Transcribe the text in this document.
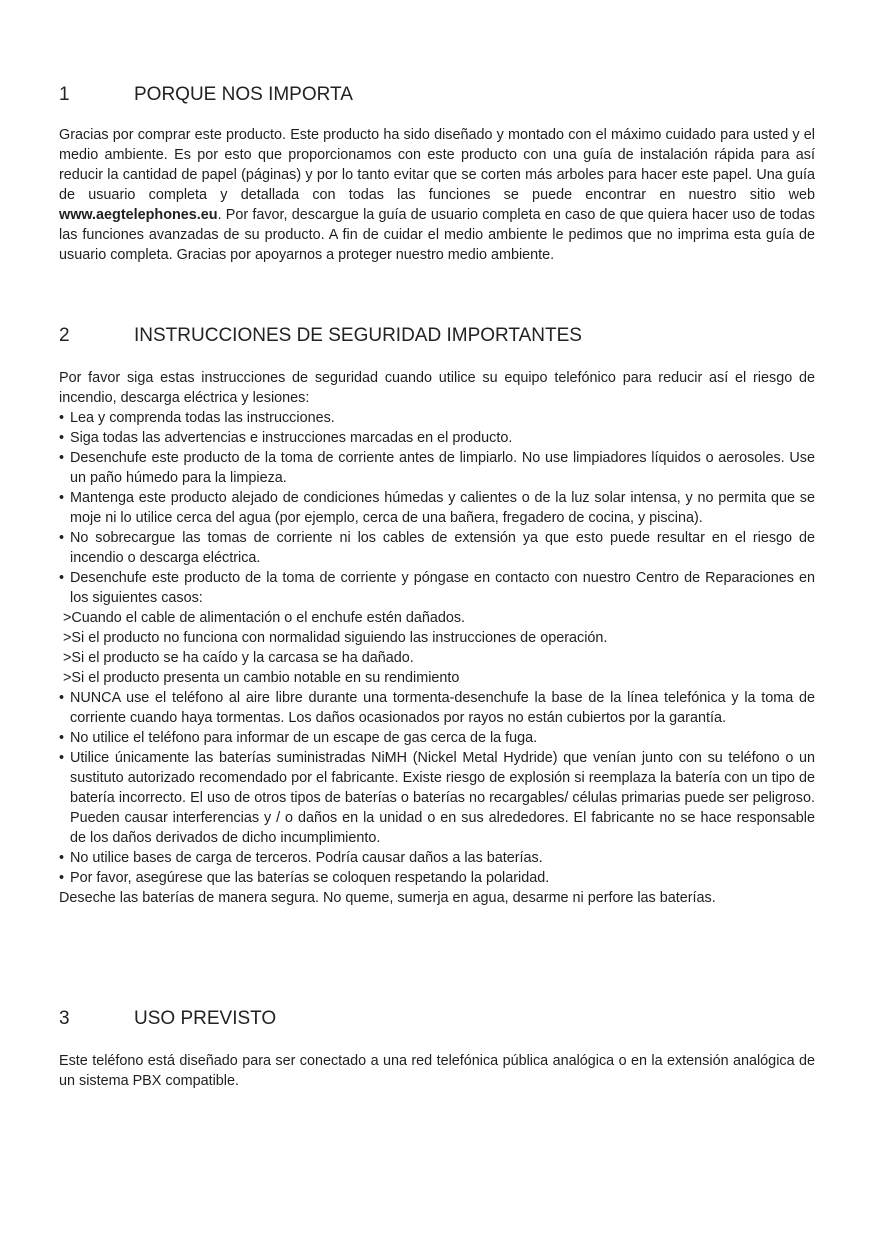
1	PORQUE NOS IMPORTA

Gracias por comprar este producto. Este producto ha sido diseñado y montado con el máximo cuidado para usted y el medio ambiente. Es por esto que proporcionamos con este producto con una guía de instalación rápida para así reducir la cantidad de papel (páginas) y por lo tanto evitar que se corten más arboles para hacer este papel. Una guía de usuario completa y detallada con todas las funciones se puede encontrar en nuestro sitio web www.aegtelephones.eu. Por favor, descargue la guía de usuario completa en caso de que quiera hacer uso de todas las funciones avanzadas de su producto. A fin de cuidar el medio ambiente le pedimos que no imprima esta guía de usuario completa. Gracias por apoyarnos a proteger nuestro medio ambiente.

2	INSTRUCCIONES DE SEGURIDAD IMPORTANTES
Por favor siga estas instrucciones de seguridad cuando utilice su equipo telefónico para reducir así el riesgo de incendio, descarga eléctrica y lesiones:
• Lea y comprenda todas las instrucciones.
• Siga todas las advertencias e instrucciones marcadas en el producto.
• Desenchufe este producto de la toma de corriente antes de limpiarlo. No use limpiadores líquidos o aerosoles. Use un paño húmedo para la limpieza.
• Mantenga este producto alejado de condiciones húmedas y calientes o de la luz solar intensa, y no permita que se moje ni lo utilice cerca del agua (por ejemplo, cerca de una bañera, fregadero de cocina, y piscina).
• No sobrecargue las tomas de corriente ni los cables de extensión ya que esto puede resultar en el riesgo de incendio o descarga eléctrica.
• Desenchufe este producto de la toma de corriente y póngase en contacto con nuestro Centro de Reparaciones en los siguientes casos:
>Cuando el cable de alimentación o el enchufe estén dañados.
>Si el producto no funciona con normalidad siguiendo las instrucciones de operación.
>Si el producto se ha caído y la carcasa se ha dañado.
>Si el producto presenta un cambio notable en su rendimiento
• NUNCA use el teléfono al aire libre durante una tormenta-desenchufe la base de la línea telefónica y la toma de corriente cuando haya tormentas. Los daños ocasionados por rayos no están cubiertos por la garantía.
• No utilice el teléfono para informar de un escape de gas cerca de la fuga.
• Utilice únicamente las baterías suministradas NiMH (Nickel Metal Hydride) que venían junto con su teléfono o un sustituto autorizado recomendado por el fabricante. Existe riesgo de explosión si reemplaza la batería con un tipo de batería incorrecto. El uso de otros tipos de baterías o baterías no recargables/ células primarias puede ser peligroso. Pueden causar interferencias y / o daños en la unidad o en sus alrededores. El fabricante no se hace responsable de los daños derivados de dicho incumplimiento.
• No utilice bases de carga de terceros. Podría causar daños a las baterías.
• Por favor, asegúrese que las baterías se coloquen respetando la polaridad.
Deseche las baterías de manera segura. No queme, sumerja en agua, desarme ni perfore las baterías.
3	USO PREVISTO

Este teléfono está diseñado para ser conectado a una red telefónica pública analógica o en la extensión analógica de un sistema PBX compatible.
